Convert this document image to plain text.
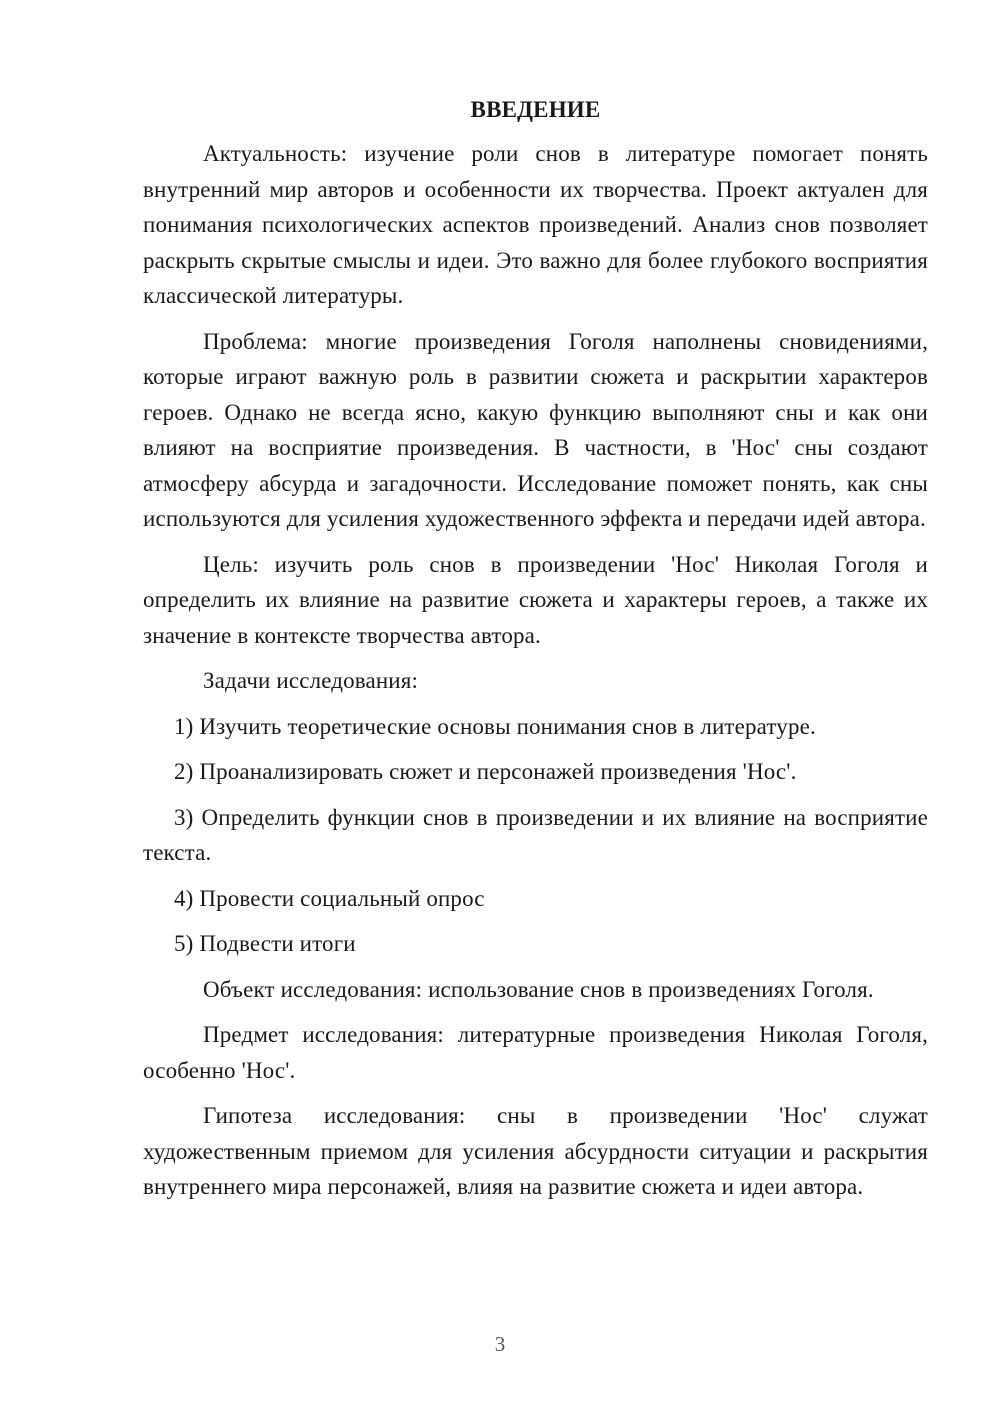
ВВЕДЕНИЕ

Актуальность: изучение роли снов в литературе помогает понять внутренний мир авторов и особенности их творчества. Проект актуален для понимания психологических аспектов произведений. Анализ снов позволяет раскрыть скрытые смыслы и идеи. Это важно для более глубокого восприятия классической литературы.

Проблема: многие произведения Гоголя наполнены сновидениями, которые играют важную роль в развитии сюжета и раскрытии характеров героев. Однако не всегда ясно, какую функцию выполняют сны и как они влияют на восприятие произведения. В частности, в 'Нос' сны создают атмосферу абсурда и загадочности. Исследование поможет понять, как сны используются для усиления художественного эффекта и передачи идей автора.

Цель: изучить роль снов в произведении 'Нос' Николая Гоголя и определить их влияние на развитие сюжета и характеры героев, а также их значение в контексте творчества автора.

Задачи исследования:

1) Изучить теоретические основы понимания снов в литературе.

2) Проанализировать сюжет и персонажей произведения 'Нос'.

3) Определить функции снов в произведении и их влияние на восприятие текста.

4) Провести социальный опрос

5) Подвести итоги

Объект исследования: использование снов в произведениях Гоголя.

Предмет исследования: литературные произведения Николая Гоголя, особенно 'Нос'.

Гипотеза исследования: сны в произведении 'Нос' служат художественным приемом для усиления абсурдности ситуации и раскрытия внутреннего мира персонажей, влияя на развитие сюжета и идеи автора.

3
